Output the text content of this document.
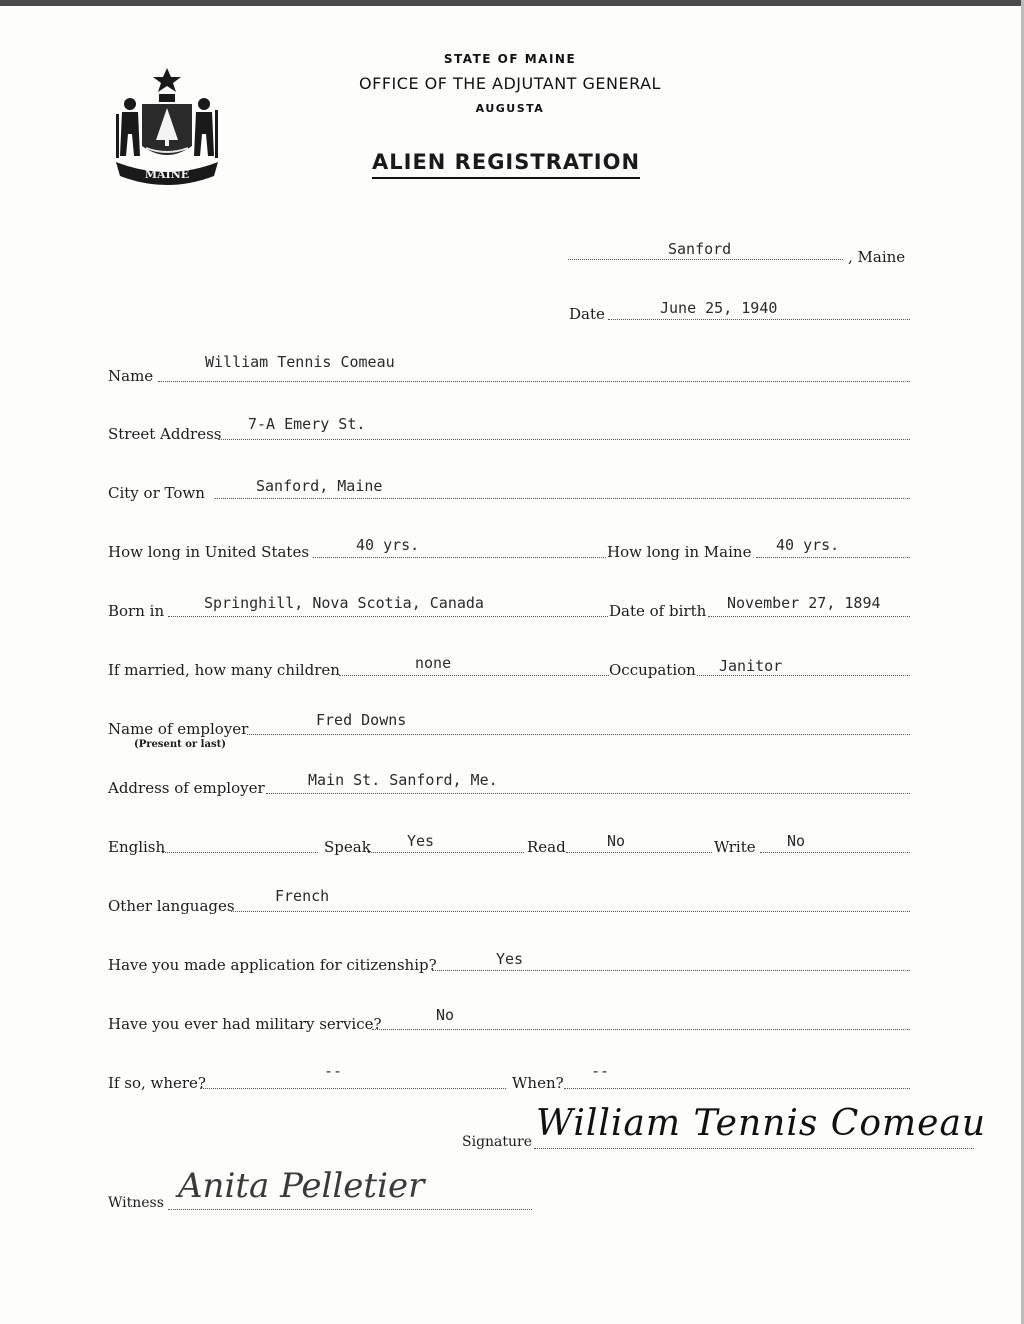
MAINE
STATE OF MAINE
OFFICE OF THE ADJUTANT GENERAL
AUGUSTA
ALIEN REGISTRATION
Sanford	, Maine
Date	June 25, 1940
Name
William Tennis Comeau
Street Address
7-A Emery St.
City or Town	Sanford, Maine
How long in United States	40 yrs.	How long in Maine 40 yrs.
Born in	Springhill, Nova Scotia, Canada	Date of birth November 27, 1894
If married, how many children	none	Occupation Janitor
Name of employer
(Present or last)
Fred Downs
Address of employer	Main St. Sanford, Me.
English	Speak Yes	Read	No	Write No
Other languages
French
Have you made application for citizenship?	Yes
Have you ever had military service?	No
If so, where?
--
When?
--
Signature William Tennis Comeau
Witness Anita Pelletier
